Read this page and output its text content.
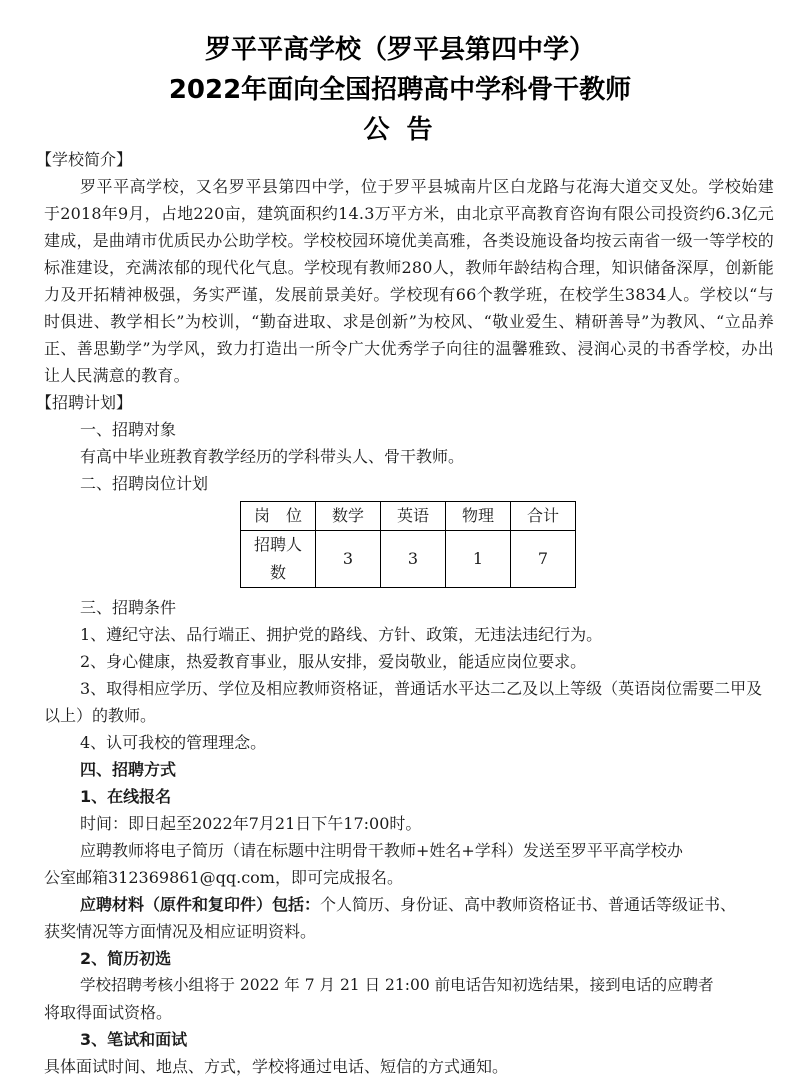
罗平平高学校（罗平县第四中学）
2022年面向全国招聘高中学科骨干教师
公 告
【学校简介】
罗平平高学校，又名罗平县第四中学，位于罗平县城南片区白龙路与花海大道交叉处。学校始建于2018年9月，占地220亩，建筑面积约14.3万平方米，由北京平高教育咨询有限公司投资约6.3亿元建成，是曲靖市优质民办公助学校。学校校园环境优美高雅，各类设施设备均按云南省一级一等学校的标准建设，充满浓郁的现代化气息。学校现有教师280人，教师年龄结构合理，知识储备深厚，创新能力及开拓精神极强，务实严谨，发展前景美好。学校现有66个教学班，在校学生3834人。学校以“与时俱进、教学相长”为校训，“勤奋进取、求是创新”为校风、“敬业爱生、精研善导”为教风、“立品养正、善思勤学”为学风，致力打造出一所令广大优秀学子向往的温馨雅致、浸润心灵的书香学校，办出让人民满意的教育。
【招聘计划】
一、招聘对象
有高中毕业班教育教学经历的学科带头人、骨干教师。
二、招聘岗位计划
岗　位	数学	英语	物理	合计
招聘人数	3	3	1	7
三、招聘条件
1、遵纪守法、品行端正、拥护党的路线、方针、政策，无违法违纪行为。
2、身心健康，热爱教育事业，服从安排，爱岗敬业，能适应岗位要求。
3、取得相应学历、学位及相应教师资格证，普通话水平达二乙及以上等级（英语岗位需要二甲及
以上）的教师。
4、认可我校的管理理念。
四、招聘方式
1、在线报名
时间：即日起至2022年7月21日下午17:00时。
应聘教师将电子简历（请在标题中注明骨干教师+姓名+学科）发送至罗平平高学校办
公室邮箱312369861@qq.com，即可完成报名。
应聘材料（原件和复印件）包括：个人简历、身份证、高中教师资格证书、普通话等级证书、
获奖情况等方面情况及相应证明资料。
2、简历初选
学校招聘考核小组将于 2022 年 7 月 21 日 21:00 前电话告知初选结果，接到电话的应聘者
将取得面试资格。
3、笔试和面试
具体面试时间、地点、方式，学校将通过电话、短信的方式通知。
